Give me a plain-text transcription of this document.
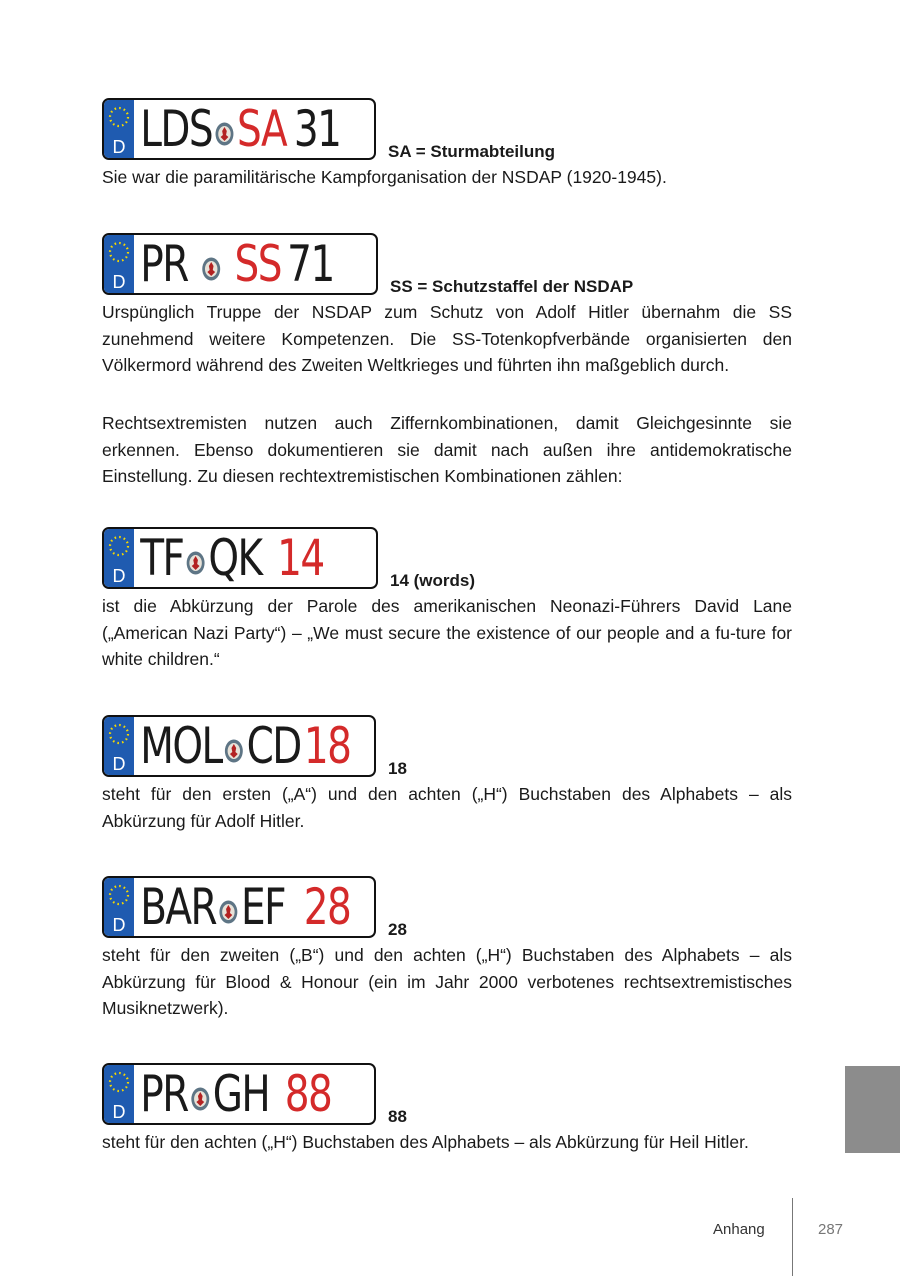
D LDS SA 31	SA = Sturmabteilung

Sie war die paramilitärische Kampforganisation der NSDAP (1920-1945).

D PR SS 71	SS = Schutzstaffel der NSDAP

Urspünglich Truppe der NSDAP zum Schutz von Adolf Hitler übernahm die SS zunehmend weitere Kompetenzen. Die SS-Totenkopfverbände organisierten den Völkermord während des Zweiten Weltkrieges und führten ihn maßgeblich durch.

Rechtsextremisten nutzen auch Ziffernkombinationen, damit Gleichgesinnte sie erkennen. Ebenso dokumentieren sie damit nach außen ihre antidemokratische Einstellung. Zu diesen rechtextremistischen Kombinationen zählen:

D TF QK 14	14 (words)

ist die Abkürzung der Parole des amerikanischen Neonazi-Führers David Lane („American Nazi Party“) – „We must secure the existence of our people and a fu-ture for white children.“

D MOL CD 18 18

steht für den ersten („A“) und den achten („H“) Buchstaben des Alphabets – als Abkürzung für Adolf Hitler.

D BAR EF 28 28

steht für den zweiten („B“) und den achten („H“) Buchstaben des Alphabets – als Abkürzung für Blood & Honour (ein im Jahr 2000 verbotenes rechtsextremistisches Musiknetzwerk).

D PR GH 88	88

steht für den achten („H“) Buchstaben des Alphabets – als Abkürzung für Heil Hitler.

Anhang	287
